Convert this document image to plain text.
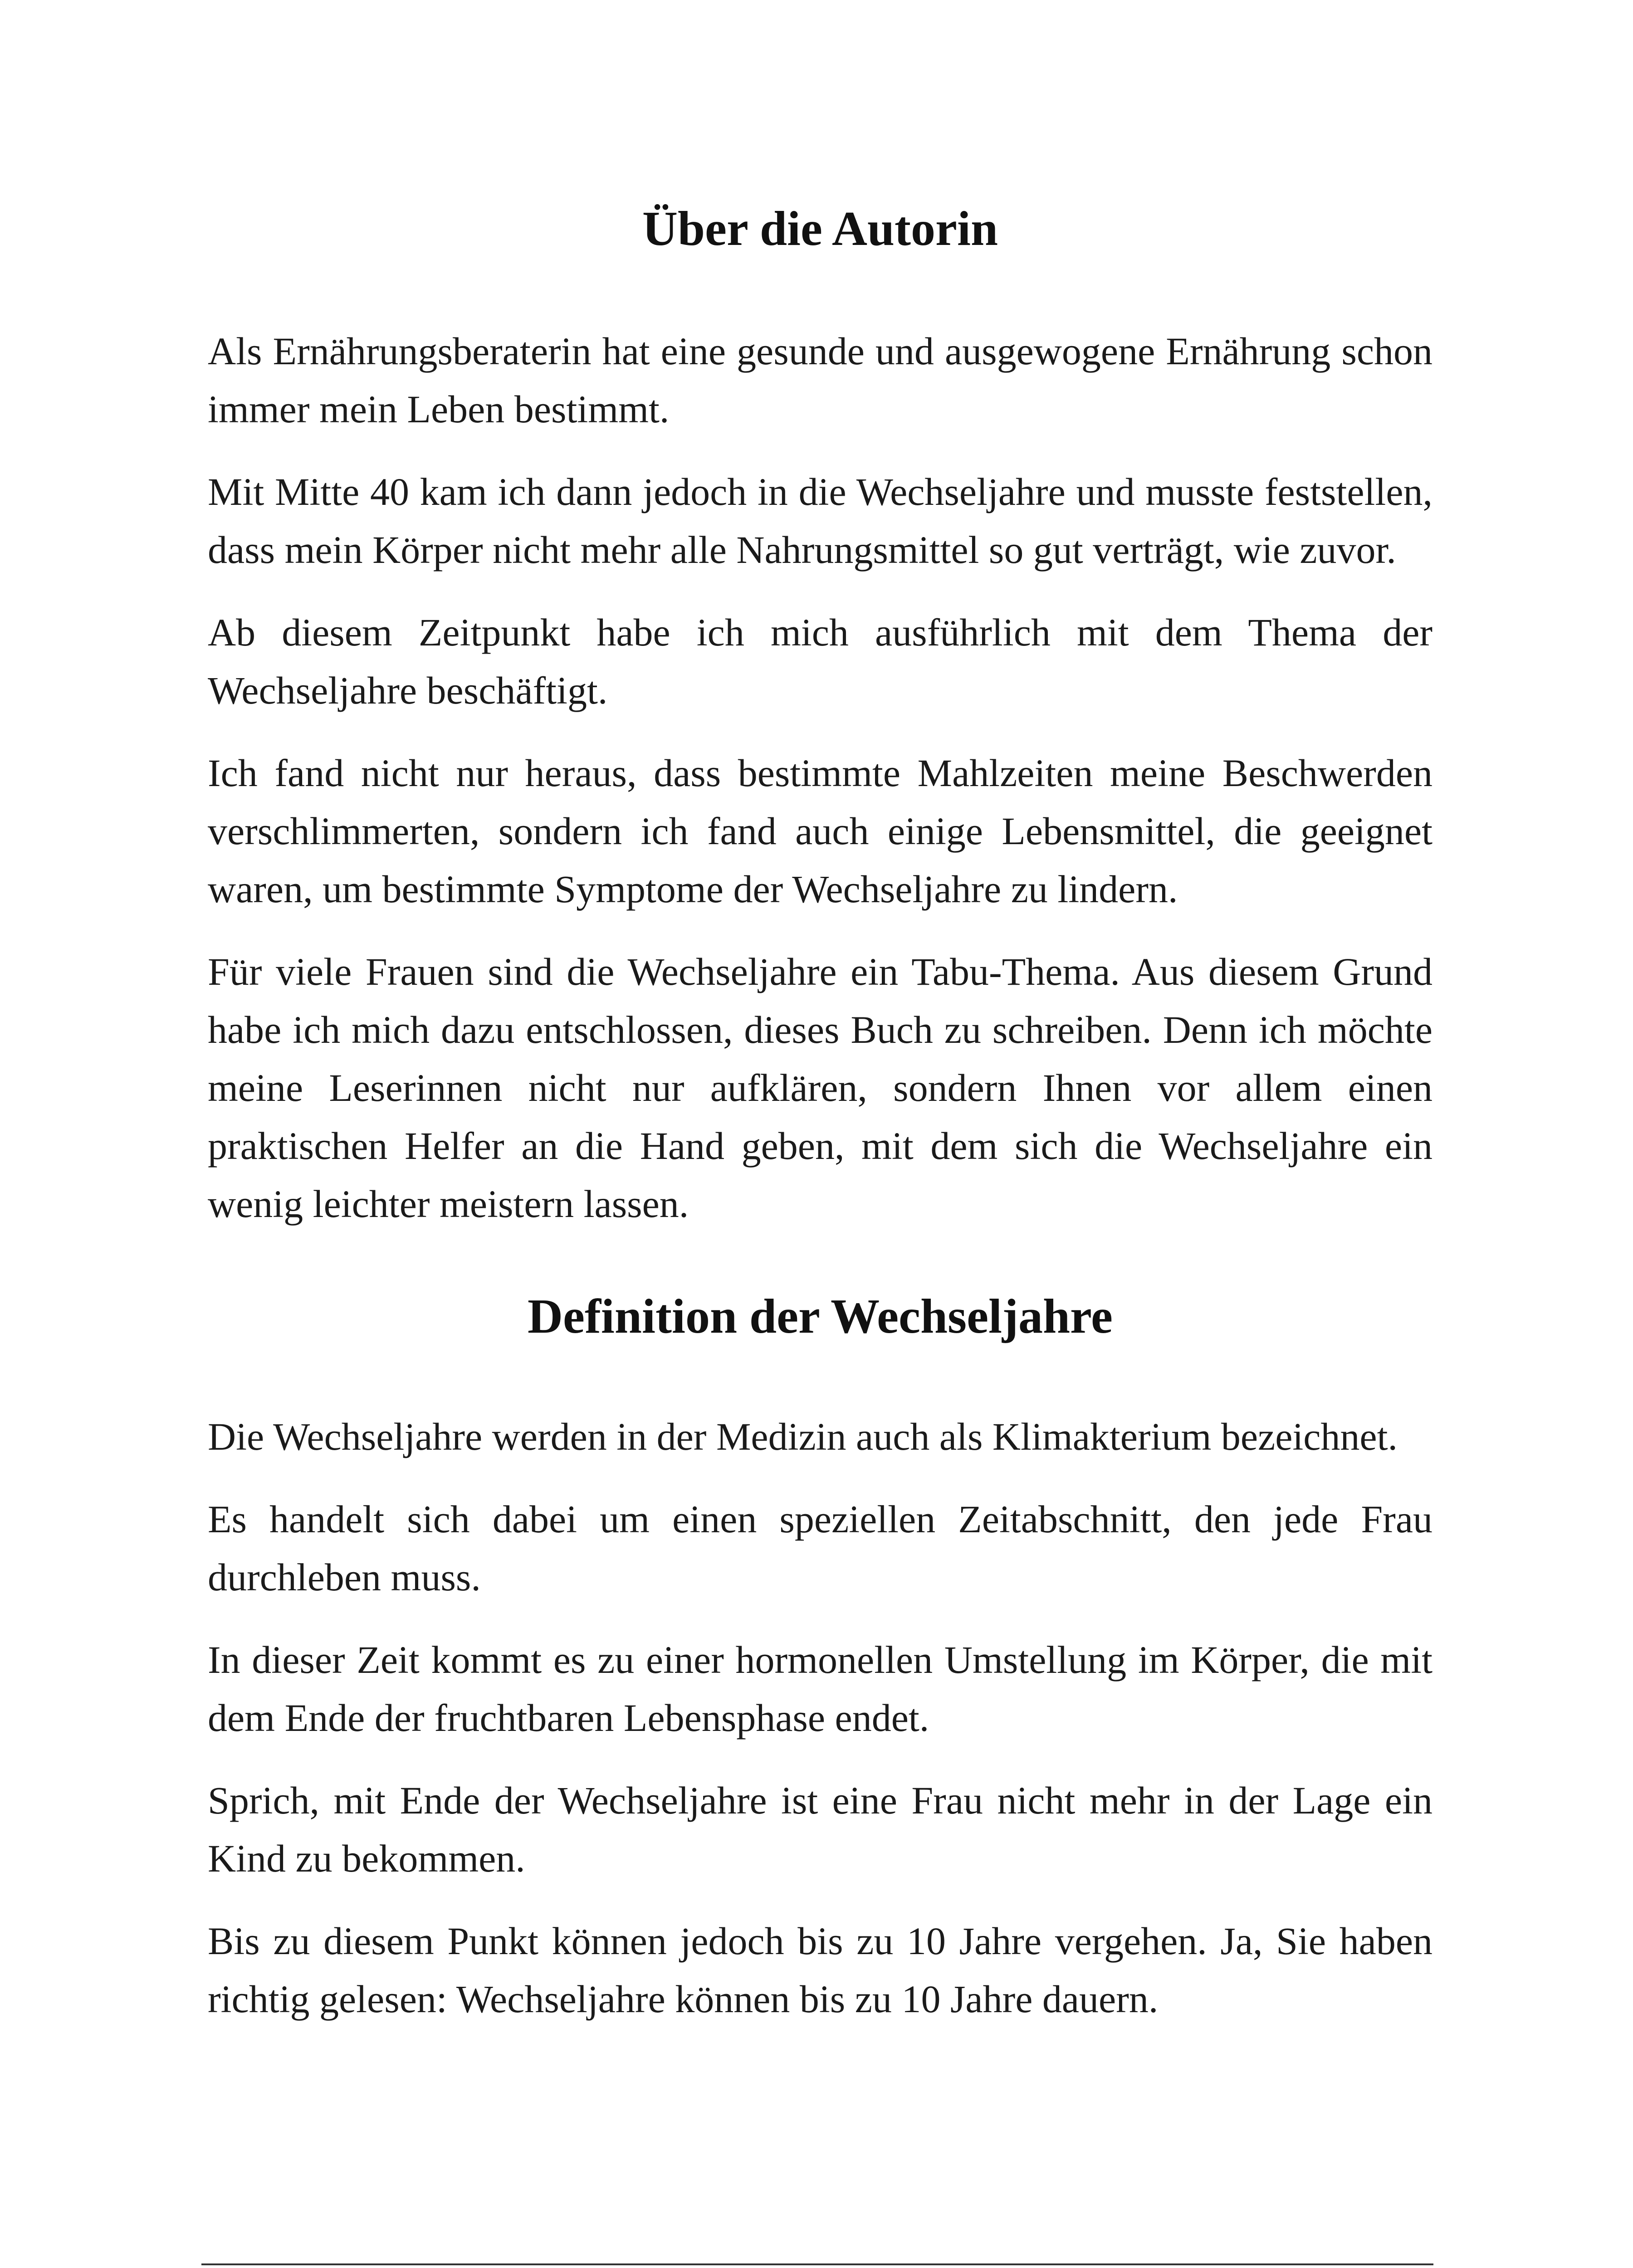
Über die Autorin

Als Ernährungsberaterin hat eine gesunde und ausgewogene Ernährung schon immer mein Leben bestimmt.

Mit Mitte 40 kam ich dann jedoch in die Wechseljahre und musste feststellen, dass mein Körper nicht mehr alle Nahrungsmittel so gut verträgt, wie zuvor.

Ab diesem Zeitpunkt habe ich mich ausführlich mit dem Thema der Wechseljahre beschäftigt.

Ich fand nicht nur heraus, dass bestimmte Mahlzeiten meine Beschwerden verschlimmerten, sondern ich fand auch einige Lebensmittel, die geeignet waren, um bestimmte Symptome der Wechseljahre zu lindern.

Für viele Frauen sind die Wechseljahre ein Tabu-Thema. Aus diesem Grund habe ich mich dazu entschlossen, dieses Buch zu schreiben. Denn ich möchte meine Leserinnen nicht nur aufklären, sondern Ihnen vor allem einen praktischen Helfer an die Hand geben, mit dem sich die Wechseljahre ein wenig leichter meistern lassen.

Definition der Wechseljahre

Die Wechseljahre werden in der Medizin auch als Klimakterium bezeichnet.

Es handelt sich dabei um einen speziellen Zeitabschnitt, den jede Frau durchleben muss.

In dieser Zeit kommt es zu einer hormonellen Umstellung im Körper, die mit dem Ende der fruchtbaren Lebensphase endet.

Sprich, mit Ende der Wechseljahre ist eine Frau nicht mehr in der Lage ein Kind zu bekommen.

Bis zu diesem Punkt können jedoch bis zu 10 Jahre vergehen. Ja, Sie haben richtig gelesen: Wechseljahre können bis zu 10 Jahre dauern.
